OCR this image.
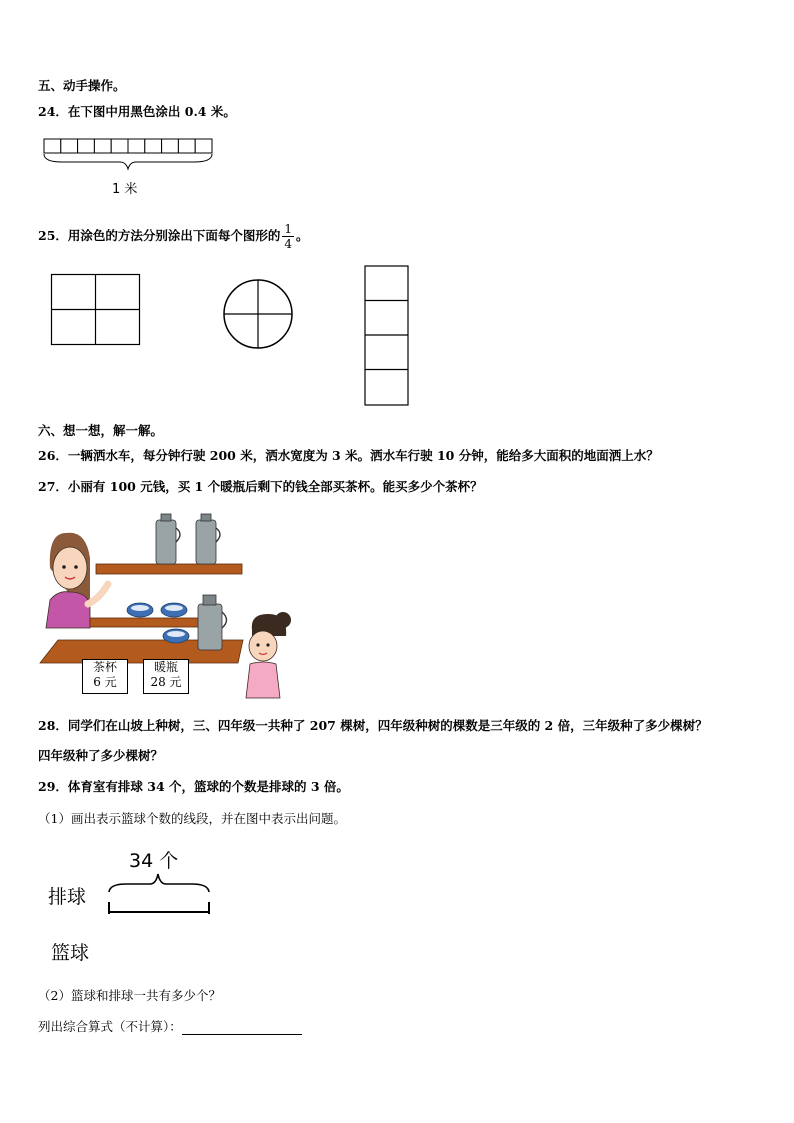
五、动手操作。
24．在下图中用黑色涂出 0.4 米。
1 米
25．用涂色的方法分别涂出下面每个图形的 $\frac{1}{4}$ 。
六、想一想，解一解。
26．一辆洒水车，每分钟行驶 200 米，洒水宽度为 3 米。洒水车行驶 10 分钟，能给多大面积的地面洒上水？
27．小丽有 100 元钱，买 1 个暖瓶后剩下的钱全部买茶杯。能买多少个茶杯？
茶杯
6 元
暖瓶
28 元
28．同学们在山坡上种树，三、四年级一共种了 207 棵树，四年级种树的棵数是三年级的 2 倍，三年级种了多少棵树？
四年级种了多少棵树？
29．体育室有排球 34 个，篮球的个数是排球的 3 倍。
（1）画出表示篮球个数的线段，并在图中表示出问题。
34 个
排球
篮球
（2）篮球和排球一共有多少个？
列出综合算式（不计算）：
